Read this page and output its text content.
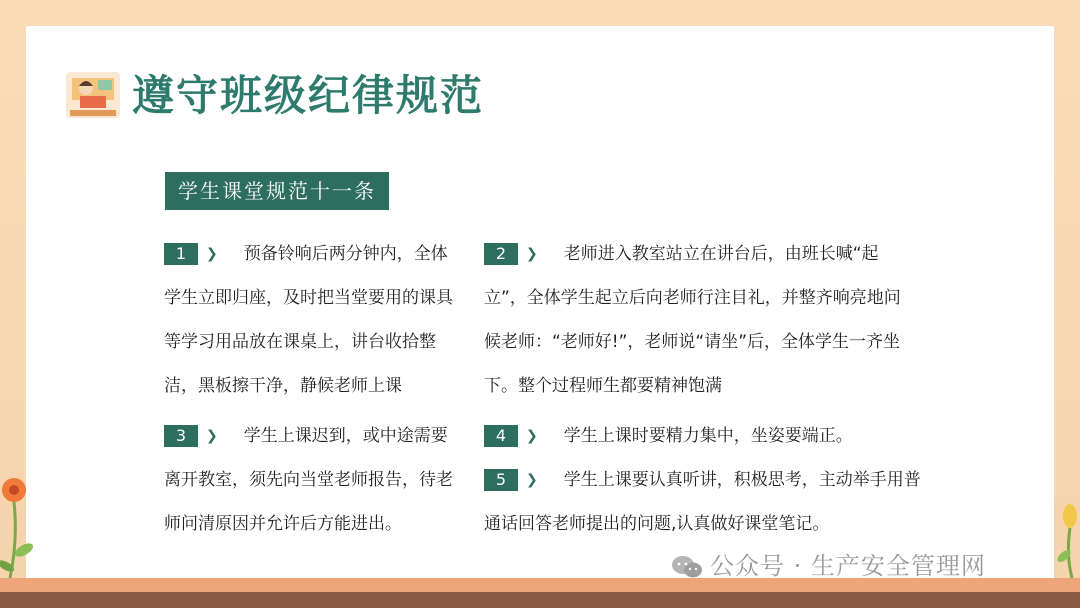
遵守班级纪律规范
学生课堂规范十一条
1 ❯ 预备铃响后两分钟内，全体学生立即归座，及时把当堂要用的课具等学习用品放在课桌上，讲台收拾整洁，黑板擦干净，静候老师上课
2 ❯ 老师进入教室站立在讲台后，由班长喊“起立”，全体学生起立后向老师行注目礼，并整齐响亮地问候老师：“老师好!”，老师说“请坐”后，全体学生一齐坐下。整个过程师生都要精神饱满
3 ❯ 学生上课迟到，或中途需要离开教室，须先向当堂老师报告，待老师问清原因并允许后方能进出。
4 ❯ 学生上课时要精力集中，坐姿要端正。
5 ❯ 学生上课要认真听讲，积极思考，主动举手用普通话回答老师提出的问题,认真做好课堂笔记。
公众号 · 生产安全管理网
